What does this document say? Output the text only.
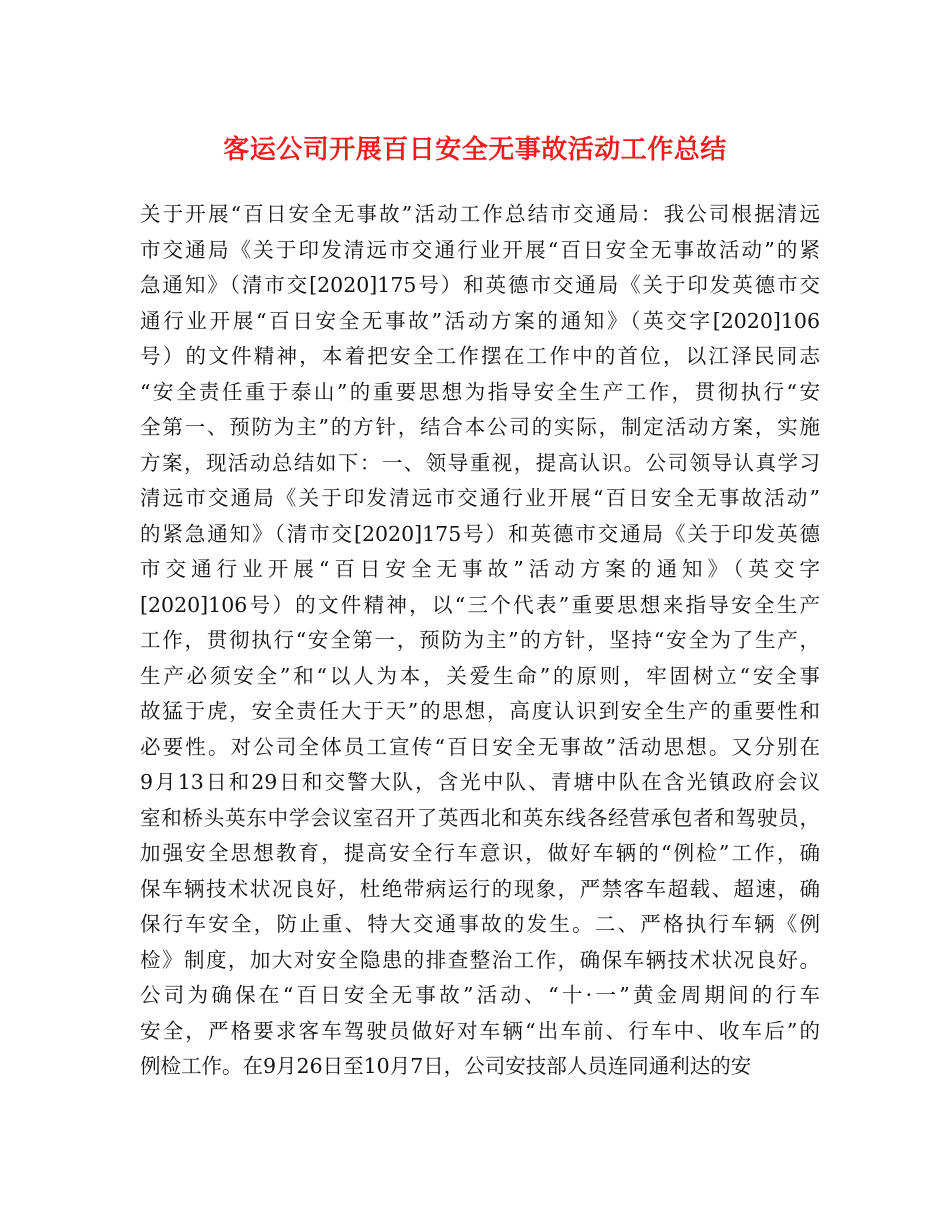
客运公司开展百日安全无事故活动工作总结
关于开展“百日安全无事故”活动工作总结市交通局：我公司根据清远
市交通局《关于印发清远市交通行业开展“百日安全无事故活动”的紧
急通知》（清市交[2020]175号）和英德市交通局《关于印发英德市交
通行业开展“百日安全无事故”活动方案的通知》（英交字[2020]106
号）的文件精神，本着把安全工作摆在工作中的首位，以江泽民同志
“安全责任重于泰山”的重要思想为指导安全生产工作，贯彻执行“安
全第一、预防为主”的方针，结合本公司的实际，制定活动方案，实施
方案，现活动总结如下：一、领导重视，提高认识。公司领导认真学习
清远市交通局《关于印发清远市交通行业开展“百日安全无事故活动”
的紧急通知》（清市交[2020]175号）和英德市交通局《关于印发英德
市交通行业开展“百日安全无事故”活动方案的通知》（英交字
[2020]106号）的文件精神，以“三个代表”重要思想来指导安全生产
工作，贯彻执行“安全第一，预防为主”的方针，坚持“安全为了生产，
生产必须安全”和“以人为本，关爱生命”的原则，牢固树立“安全事
故猛于虎，安全责任大于天”的思想，高度认识到安全生产的重要性和
必要性。对公司全体员工宣传“百日安全无事故”活动思想。又分别在
9月13日和29日和交警大队，含光中队、青塘中队在含光镇政府会议
室和桥头英东中学会议室召开了英西北和英东线各经营承包者和驾驶员，
加强安全思想教育，提高安全行车意识，做好车辆的“例检”工作，确
保车辆技术状况良好，杜绝带病运行的现象，严禁客车超载、超速，确
保行车安全，防止重、特大交通事故的发生。二、严格执行车辆《例
检》制度，加大对安全隐患的排查整治工作，确保车辆技术状况良好。
公司为确保在“百日安全无事故”活动、“十·一”黄金周期间的行车
安全，严格要求客车驾驶员做好对车辆“出车前、行车中、收车后”的
例检工作。在9月26日至10月7日，公司安技部人员连同通利达的安
